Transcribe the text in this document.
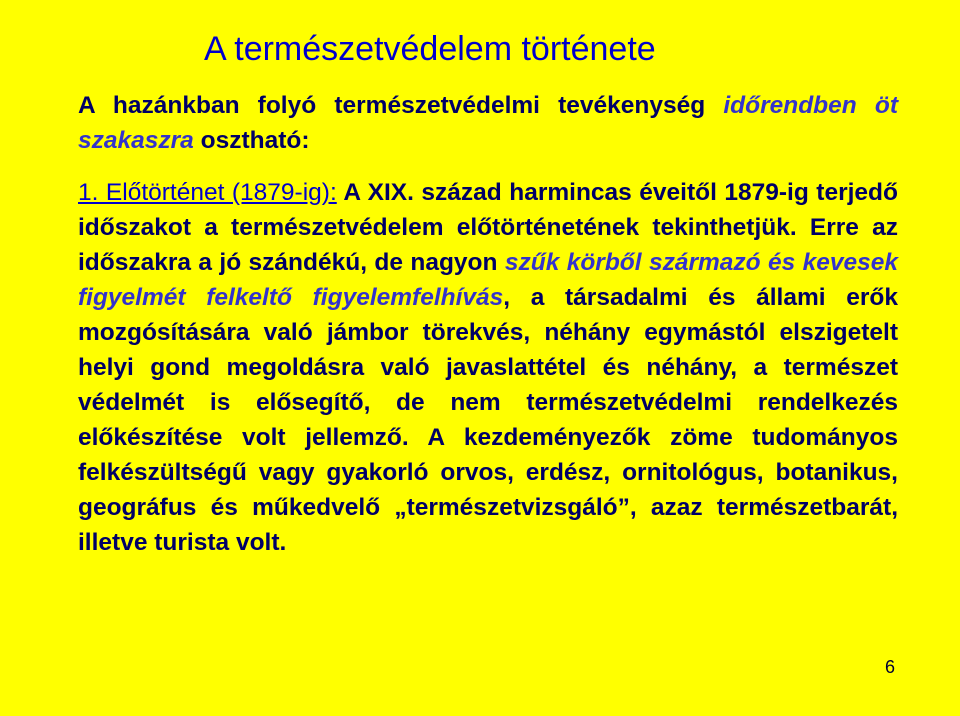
A természetvédelem története

A hazánkban folyó természetvédelmi tevékenység időrendben öt szakaszra osztható:

1. Előtörténet (1879-ig): A XIX. század harmincas éveitől 1879-ig terjedő időszakot a természetvédelem előtörténetének tekinthetjük. Erre az időszakra a jó szándékú, de nagyon szűk körből származó és kevesek figyelmét felkeltő figyelemfelhívás, a társadalmi és állami erők mozgósítására való jámbor törekvés, néhány egymástól elszigetelt helyi gond megoldásra való javaslattétel és néhány, a természet védelmét is elősegítő, de nem természetvédelmi rendelkezés előkészítése volt jellemző. A kezdeményezők zöme tudományos felkészültségű vagy gyakorló orvos, erdész, ornitológus, botanikus, geográfus és műkedvelő „természetvizsgáló”, azaz természetbarát, illetve turista volt.

6
